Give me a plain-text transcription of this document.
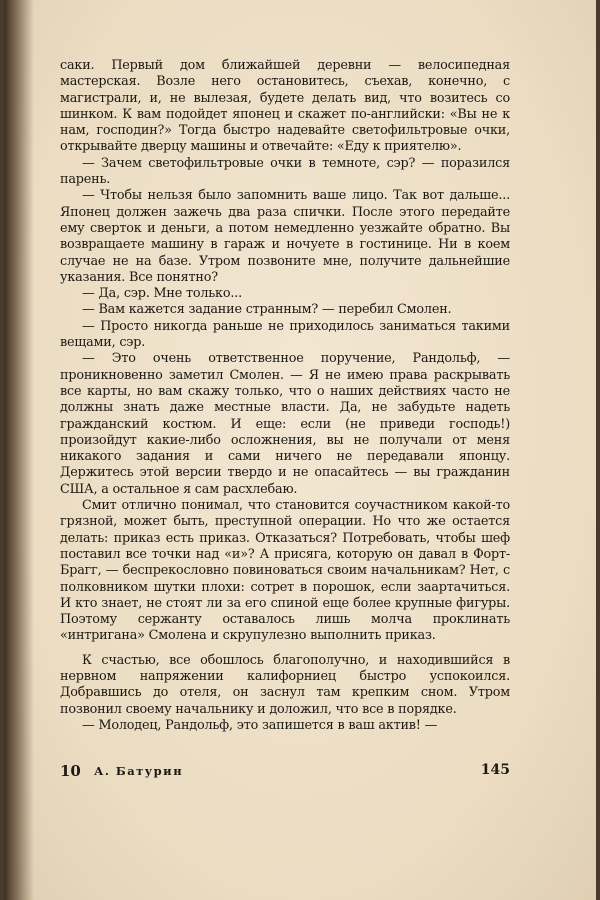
саки. Первый дом ближайшей деревни — велосипедная мастерская. Возле него остановитесь, съехав, конечно, с магистрали, и, не вылезая, будете делать вид, что возитесь со шинком. К вам подойдет японец и скажет по-английски: «Вы не к нам, господин?» Тогда быстро надевайте светофильтровые очки, открывайте дверцу машины и отвечайте: «Еду к приятелю».

— Зачем светофильтровые очки в темноте, сэр? — поразился парень.

— Чтобы нельзя было запомнить ваше лицо. Так вот дальше... Японец должен зажечь два раза спички. После этого передайте ему сверток и деньги, а потом немедленно уезжайте обратно. Вы возвращаете машину в гараж и ночуете в гостинице. Ни в коем случае не на базе. Утром позвоните мне, получите дальнейшие указания. Все понятно?

— Да, сэр. Мне только...

— Вам кажется задание странным? — перебил Смолен.

— Просто никогда раньше не приходилось заниматься такими вещами, сэр.

— Это очень ответственное поручение, Рандольф, — проникновенно заметил Смолен. — Я не имею права раскрывать все карты, но вам скажу только, что о наших действиях часто не должны знать даже местные власти. Да, не забудьте надеть гражданский костюм. И еще: если (не приведи господь!) произойдут какие-либо осложнения, вы не получали от меня никакого задания и сами ничего не передавали японцу. Держитесь этой версии твердо и не опасайтесь — вы гражданин США, а остальное я сам расхлебаю.

Смит отлично понимал, что становится соучастником какой-то грязной, может быть, преступной операции. Но что же остается делать: приказ есть приказ. Отказаться? Потребовать, чтобы шеф поставил все точки над «и»? А присяга, которую он давал в Форт-Брагг, — беспрекословно повиноваться своим начальникам? Нет, с полковником шутки плохи: сотрет в порошок, если заартачиться. И кто знает, не стоят ли за его спиной еще более крупные фигуры. Поэтому сержанту оставалось лишь молча проклинать «интригана» Смолена и скрупулезно выполнить приказ.

К счастью, все обошлось благополучно, и находившийся в нервном напряжении калифорниец быстро успокоился. Добравшись до отеля, он заснул там крепким сном. Утром позвонил своему начальнику и доложил, что все в порядке.

— Молодец, Рандольф, это запишется в ваш актив! —

10 А. Батурин	145
